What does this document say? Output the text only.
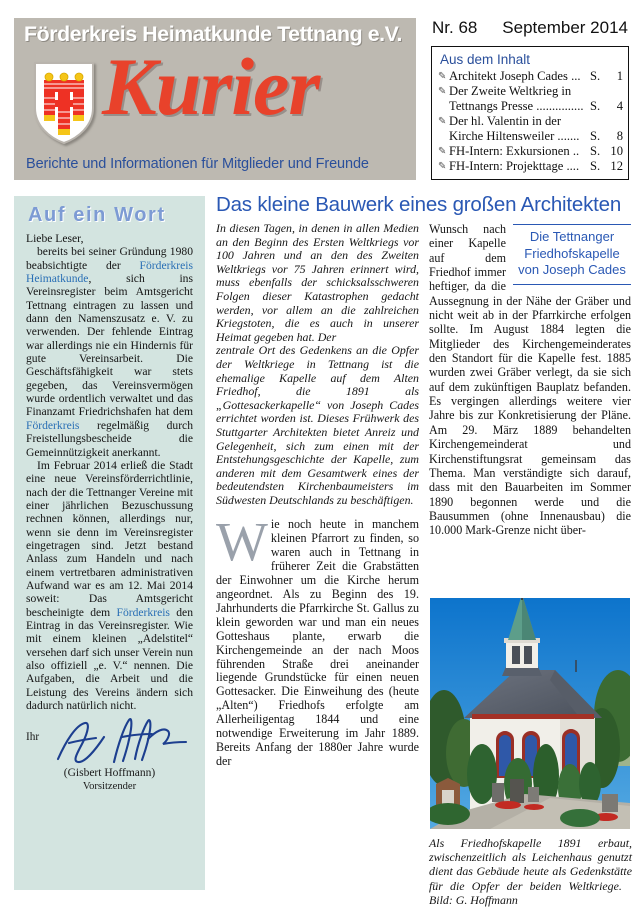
Förderkreis Heimatkunde Tettnang e.V.
Kurier
Berichte und Informationen für Mitglieder und Freunde
Nr. 68 September 2014
Aus dem Inhalt
✎ Architekt Joseph Cades ... S.	1
✎ Der Zweite Weltkrieg in
Tettnangs Presse ............... S.	4
✎ Der hl. Valentin in der
Kirche Hiltensweiler ....... S.	8
✎ FH-Intern: Exkursionen .. S. 10
✎ FH-Intern: Projekttage .... S. 12
Auf ein Wort

Liebe Leser,

bereits bei seiner Gründung 1980 beabsichtigte der Förderkreis Heimatkunde, sich ins Vereinsregister beim Amtsgericht Tettnang eintragen zu lassen und dann den Namenszusatz e. V. zu verwenden. Der fehlende Eintrag war allerdings nie ein Hindernis für gute Vereinsarbeit. Die Geschäftsfähigkeit war stets gegeben, das Vereinsvermögen wurde ordentlich verwaltet und das Finanzamt Friedrichshafen hat dem Förderkreis regelmäßig durch Freistellungsbescheide die Gemeinnützigkeit anerkannt.

Im Februar 2014 erließ die Stadt eine neue Vereinsförderrichtlinie, nach der die Tettnanger Vereine mit einer jährlichen Bezuschussung rechnen können, allerdings nur, wenn sie denn im Vereinsregister eingetragen sind. Jetzt bestand Anlass zum Handeln und nach einem vertretbaren administrativen Aufwand war es am 12. Mai 2014 soweit: Das Amtsgericht bescheinigte dem Förderkreis den Eintrag in das Vereinsregister. Wie mit einem kleinen „Adelstitel“ versehen darf sich unser Verein nun also offiziell „e. V.“ nennen. Die Aufgaben, die Arbeit und die Leistung des Vereins ändern sich dadurch natürlich nicht.

Ihr
(Gisbert Hoffmann)
Vorsitzender
Das kleine Bauwerk eines großen Architekten

In diesen Tagen, in denen in allen Medien an den Beginn des Ersten Weltkriegs vor 100 Jahren und an den des Zweiten Weltkriegs vor 75 Jahren erinnert wird, muss ebenfalls der schicksalsschweren Folgen dieser Katastrophen gedacht werden, vor allem an die zahlreichen Kriegstoten, die es auch in unserer Heimat gegeben hat. Der

zentrale Ort des Gedenkens an die Opfer der Weltkriege in Tettnang ist die ehemalige Kapelle auf dem Alten Friedhof, die 1891 als „Gottesackerkapelle“ von Joseph Cades errichtet worden ist. Dieses Frühwerk des Stuttgarter Architekten bietet Anreiz und Gelegenheit, sich zum einen mit der Entstehungsgeschichte der Kapelle, zum anderen mit dem Gesamtwerk eines der bedeutendsten Kirchenbaumeisters im Südwesten Deutschlands zu beschäftigen.

Wie noch heute in manchem kleinen Pfarrort zu finden, so waren auch in Tettnang in früherer Zeit die Grabstätten der Einwohner um die Kirche herum angeordnet. Als zu Beginn des 19. Jahrhunderts die Pfarrkirche St. Gallus zu klein geworden war und man ein neues Gotteshaus plante, erwarb die Kirchengemeinde an der nach Moos führenden Straße drei aneinander liegende Grundstücke für einen neuen Gottesacker. Die Einweihung des (heute „Alten“) Friedhofs erfolgte am Allerheiligentag 1844 und eine notwendige Erweiterung im Jahr 1889. Bereits Anfang der 1880er Jahre wurde der

Die Tettnanger
Friedhofskapelle
von Joseph Cades

Wunsch nach einer Kapelle auf dem Friedhof immer heftiger, da die Aussegnung in der Nähe der Gräber und nicht weit ab in der Pfarrkirche erfolgen sollte. Im August 1884 legten die Mitglieder des Kirchengemeinderates den Standort für die Kapelle fest. 1885 wurden zwei Gräber verlegt, da sie sich auf dem zukünftigen Bauplatz befanden. Es vergingen allerdings weitere vier Jahre bis zur Konkretisierung der Pläne. Am 29. März 1889 behandelten Kirchengemeinderat und Kirchenstiftungsrat gemeinsam das Thema. Man verständigte sich darauf, dass mit den Bauarbeiten im Sommer 1890 begonnen werde und die Bausummen (ohne Innenausbau) die 10.000 Mark-Grenze nicht über-

Als Friedhofskapelle 1891 erbaut, zwischenzeitlich als Leichenhaus genutzt dient das Gebäude heute als Gedenkstätte für die Opfer der beiden Weltkriege.   Bild: G. Hoffmann
